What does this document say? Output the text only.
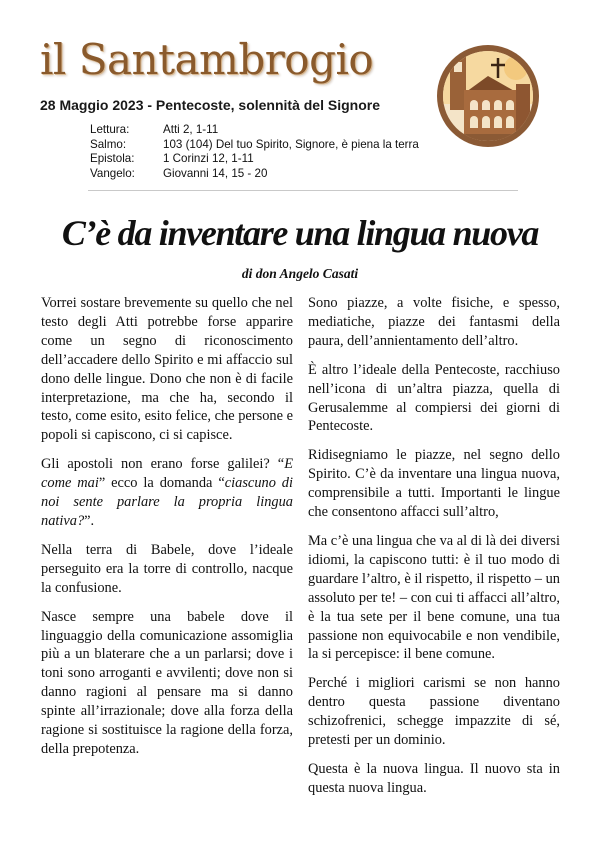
il Santambrogio
28 Maggio 2023 - Pentecoste, solennità del Signore
Lettura:	Atti 2, 1-11
Salmo:	103 (104) Del tuo Spirito, Signore, è piena la terra
Epistola:	1 Corinzi 12, 1-11
Vangelo:	Giovanni 14, 15 - 20
C’è da inventare una lingua nuova
di don Angelo Casati

Vorrei sostare brevemente su quello che nel testo degli Atti potrebbe forse apparire come un segno di riconoscimento dell’accadere dello Spirito e mi affaccio sul dono delle lingue. Dono che non è di facile interpretazione, ma che ha, secondo il testo, come esito, esito felice, che persone e popoli si capiscono, ci si capisce.

Gli apostoli non erano forse galilei? “E come mai” ecco la domanda “ciascuno di noi sente parlare la propria lingua nativa?”.

Nella terra di Babele, dove l’ideale perseguito era la torre di controllo, nacque la confusione.

Nasce sempre una babele dove il linguaggio della comunicazione assomiglia più a un blaterare che a un parlarsi; dove i toni sono arroganti e avvilenti; dove non si danno ragioni al pensare ma si danno spinte all’irrazionale; dove alla forza della ragione si sostituisce la ragione della forza, della prepotenza.

Sono piazze, a volte fisiche, e spesso, mediatiche, piazze dei fantasmi della paura, dell’annientamento dell’altro.

È altro l’ideale della Pentecoste, racchiuso nell’icona di un’altra piazza, quella di Gerusalemme al compiersi dei giorni di Pentecoste.

Ridisegniamo le piazze, nel segno dello Spirito. C’è da inventare una lingua nuova, comprensibile a tutti. Importanti le lingue che consentono affacci sull’altro,

Ma c’è una lingua che va al di là dei diversi idiomi, la capiscono tutti: è il tuo modo di guardare l’altro, è il rispetto, il rispetto – un assoluto per te! – con cui ti affacci all’altro, è la tua sete per il bene comune, una tua passione non equivocabile e non vendibile, la si percepisce: il bene comune.

Perché i migliori carismi se non hanno dentro questa passione diventano schizofrenici, schegge impazzite di sé, pretesti per un dominio.

Questa è la nuova lingua. Il nuovo sta in questa nuova lingua.
